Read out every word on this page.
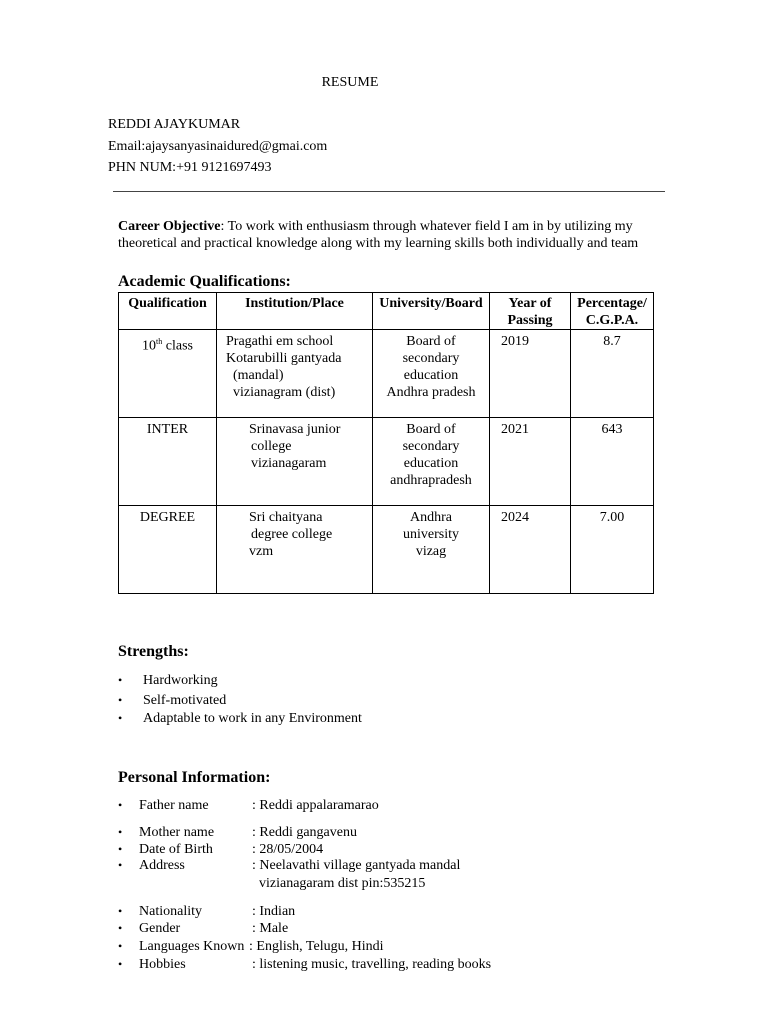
RESUME
REDDI AJAYKUMAR
Email:ajaysanyasinaidured@gmai.com
PHN NUM:+91 9121697493
Career Objective: To work with enthusiasm through whatever field I am in by utilizing my theoretical and practical knowledge along with my learning skills both individually and team
Academic Qualifications:
Qualification	Institution/Place	University/Board	Year of Passing	Percentage/ C.G.P.A.
10th class	Pragathi em school
Kotarubilli gantyada
(mandal)
vizianagram (dist)	Board of
secondary
education
Andhra pradesh	2019	8.7
INTER	Srinavasa junior
college
vizianagaram	Board of
secondary
education
andhrapradesh	2021	643
DEGREE	Sri chaityana
degree college
vzm	Andhra
university
vizag	2024	7.00
Strengths:
• Hardworking
• Self-motivated
• Adaptable to work in any Environment
Personal Information:
• Father name	: Reddi appalaramarao
• Mother name	: Reddi gangavenu
• Date of Birth	: 28/05/2004
• Address	: Neelavathi village gantyada mandal
vizianagaram dist pin:535215
• Nationality	: Indian
• Gender	: Male
• Languages Known : English, Telugu, Hindi
• Hobbies	: listening music, travelling, reading books
